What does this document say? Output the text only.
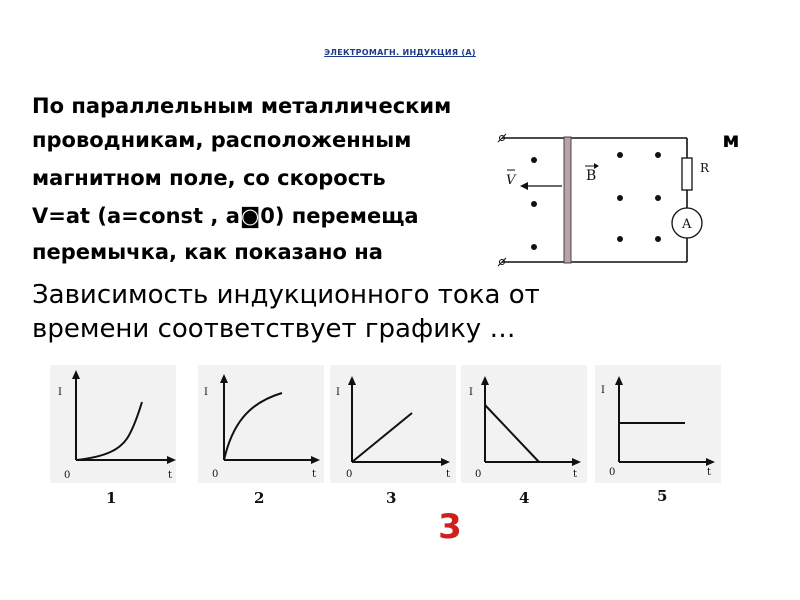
ЭЛЕКТРОМАГН. ИНДУКЦИЯ (А)

По параллельным металлическим

проводникам, расположенным	ом

магнитном поле, со скорость

V=at (a=const , a◙0) перемеща

перемычка, как показано на

Зависимость индукционного тока от
времени соответствует графику …

V	B	R
A
I
0	t
1
I
0	t
2
I
0	t
3
I
0	t
4
I
0	t
5

3
